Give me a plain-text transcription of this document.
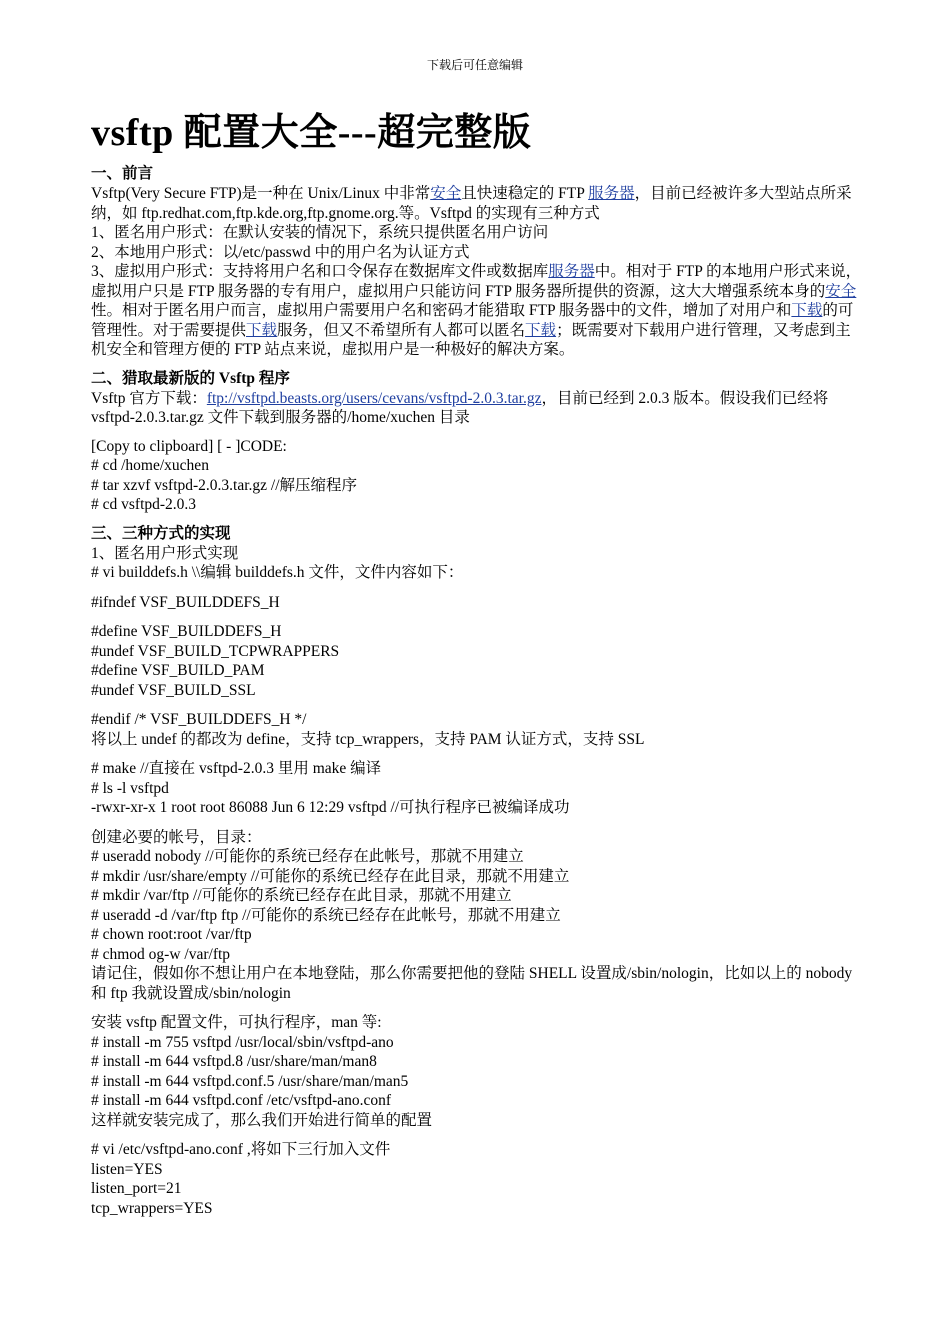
下载后可任意编辑
vsftp 配置大全---超完整版
一、前言

Vsftp(Very Secure FTP)是一种在 Unix/Linux 中非常安全且快速稳定的 FTP 服务器，目前已经被许多大型站点所采纳，如 ftp.redhat.com,ftp.kde.org,ftp.gnome.org.等。Vsftpd 的实现有三种方式

1、匿名用户形式：在默认安装的情况下，系统只提供匿名用户访问

2、本地用户形式：以/etc/passwd 中的用户名为认证方式

3、虚拟用户形式：支持将用户名和口令保存在数据库文件或数据库服务器中。相对于 FTP 的本地用户形式来说，虚拟用户只是 FTP 服务器的专有用户，虚拟用户只能访问 FTP 服务器所提供的资源，这大大增强系统本身的安全性。相对于匿名用户而言，虚拟用户需要用户名和密码才能猎取 FTP 服务器中的文件，增加了对用户和下载的可管理性。对于需要提供下载服务，但又不希望所有人都可以匿名下载；既需要对下载用户进行管理，又考虑到主机安全和管理方便的 FTP 站点来说，虚拟用户是一种极好的解决方案。

二、猎取最新版的 Vsftp 程序

Vsftp 官方下载：ftp://vsftpd.beasts.org/users/cevans/vsftpd-2.0.3.tar.gz，目前已经到 2.0.3 版本。假设我们已经将 vsftpd-2.0.3.tar.gz 文件下载到服务器的/home/xuchen 目录

[Copy to clipboard] [ - ]CODE:

# cd /home/xuchen

# tar xzvf vsftpd-2.0.3.tar.gz //解压缩程序

# cd vsftpd-2.0.3

三、三种方式的实现

1、匿名用户形式实现

# vi builddefs.h \\编辑 builddefs.h 文件，文件内容如下：

#ifndef VSF_BUILDDEFS_H

#define VSF_BUILDDEFS_H

#undef VSF_BUILD_TCPWRAPPERS

#define VSF_BUILD_PAM

#undef VSF_BUILD_SSL

#endif /* VSF_BUILDDEFS_H */

将以上 undef 的都改为 define，支持 tcp_wrappers，支持 PAM 认证方式，支持 SSL

# make //直接在 vsftpd-2.0.3 里用 make 编译

# ls -l vsftpd

-rwxr-xr-x 1 root root 86088 Jun 6 12:29 vsftpd //可执行程序已被编译成功

创建必要的帐号，目录：

# useradd nobody //可能你的系统已经存在此帐号，那就不用建立

# mkdir /usr/share/empty //可能你的系统已经存在此目录，那就不用建立

# mkdir /var/ftp //可能你的系统已经存在此目录，那就不用建立

# useradd -d /var/ftp ftp //可能你的系统已经存在此帐号，那就不用建立

# chown root:root /var/ftp

# chmod og-w /var/ftp

请记住，假如你不想让用户在本地登陆，那么你需要把他的登陆 SHELL 设置成/sbin/nologin，比如以上的 nobody 和 ftp 我就设置成/sbin/nologin

安装 vsftp 配置文件，可执行程序，man 等:

# install -m 755 vsftpd /usr/local/sbin/vsftpd-ano

# install -m 644 vsftpd.8 /usr/share/man/man8

# install -m 644 vsftpd.conf.5 /usr/share/man/man5

# install -m 644 vsftpd.conf /etc/vsftpd-ano.conf

这样就安装完成了，那么我们开始进行简单的配置

# vi /etc/vsftpd-ano.conf ,将如下三行加入文件

listen=YES

listen_port=21

tcp_wrappers=YES
